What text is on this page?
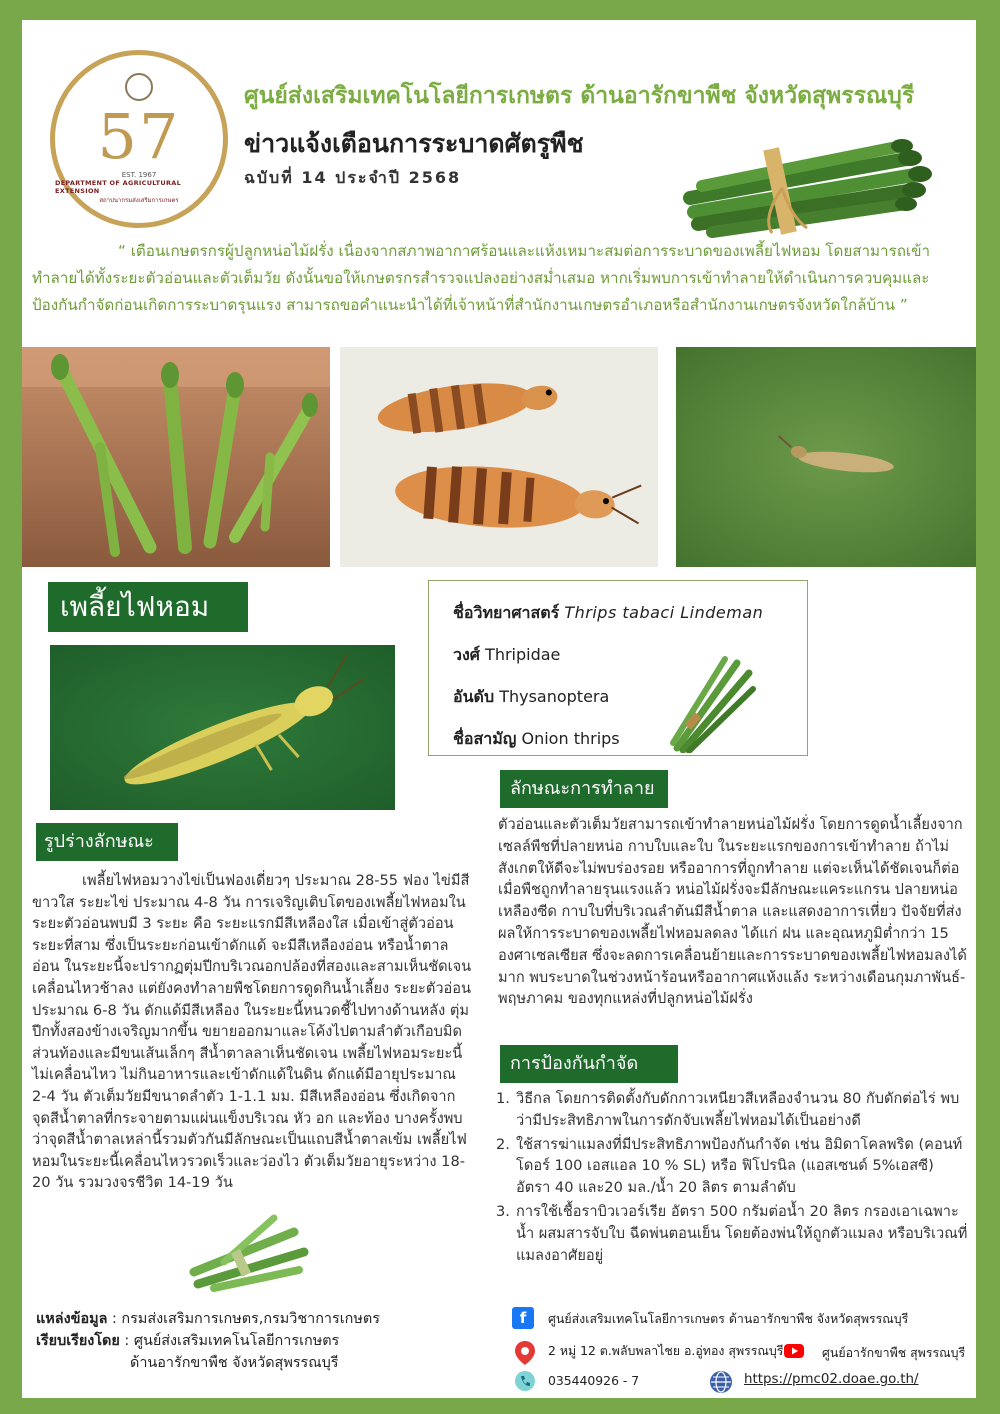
57
EST. 1967
DEPARTMENT OF AGRICULTURAL EXTENSION
สถาปนากรมส่งเสริมการเกษตร
ศูนย์ส่งเสริมเทคโนโลยีการเกษตร ด้านอารักขาพืช จังหวัดสุพรรณบุรี
ข่าวแจ้งเตือนการระบาดศัตรูพืช
ฉบับที่ 14 ประจำปี 2568
“ เตือนเกษตรกรผู้ปลูกหน่อไม้ฝรั่ง เนื่องจากสภาพอากาศร้อนและแห้งเหมาะสมต่อการระบาดของเพลี้ยไฟหอม โดยสามารถเข้าทำลายได้ทั้งระยะตัวอ่อนและตัวเต็มวัย ดังนั้นขอให้เกษตรกรสำรวจแปลงอย่างสม่ำเสมอ หากเริ่มพบการเข้าทำลายให้ดำเนินการควบคุมและป้องกันกำจัดก่อนเกิดการระบาดรุนแรง สามารถขอคำแนะนำได้ที่เจ้าหน้าที่สำนักงานเกษตรอำเภอหรือสำนักงานเกษตรจังหวัดใกล้บ้าน ”
เพลี้ยไฟหอม	ชื่อวิทยาศาสตร์ Thrips tabaci Lindeman
วงศ์ Thripidae
อันดับ Thysanoptera
ชื่อสามัญ Onion thrips
รูปร่างลักษณะ
เพลี้ยไฟหอมวางไข่เป็นฟองเดี่ยวๆ ประมาณ 28-55 ฟอง ไข่มีสีขาวใส ระยะไข่ ประมาณ 4-8 วัน การเจริญเติบโตของเพลี้ยไฟหอมในระยะตัวอ่อนพบมี 3 ระยะ คือ ระยะแรกมีสีเหลืองใส เมื่อเข้าสู่ตัวอ่อนระยะที่สาม ซึ่งเป็นระยะก่อนเข้าดักแด้ จะมีสีเหลืองอ่อน หรือน้ำตาลอ่อน ในระยะนี้จะปรากฏตุ่มปีกบริเวณอกปล้องที่สองและสามเห็นชัดเจน เคลื่อนไหวช้าลง แต่ยังคงทำลายพืชโดยการดูดกินน้ำเลี้ยง ระยะตัวอ่อนประมาณ 6-8 วัน ดักแด้มีสีเหลือง ในระยะนี้หนวดชี้ไปทางด้านหลัง ตุ่มปีกทั้งสองข้างเจริญมากขึ้น ขยายออกมาและโค้งไปตามลำตัวเกือบมิดส่วนท้องและมีขนเส้นเล็กๆ สีน้ำตาลลาเห็นชัดเจน เพลี้ยไฟหอมระยะนี้ไม่เคลื่อนไหว ไม่กินอาหารและเข้าดักแด้ในดิน ดักแด้มีอายุประมาณ 2-4 วัน ตัวเต็มวัยมีขนาดลำตัว 1-1.1 มม. มีสีเหลืองอ่อน ซึ่งเกิดจากจุดสีน้ำตาลที่กระจายตามแผ่นแข็งบริเวณ หัว อก และท้อง บางครั้งพบว่าจุดสีน้ำตาลเหล่านี้รวมตัวกันมีลักษณะเป็นแถบสีน้ำตาลเข้ม เพลี้ยไฟหอมในระยะนี้เคลื่อนไหวรวดเร็วและว่องไว ตัวเต็มวัยอายุระหว่าง 18-20 วัน รวมวงจรชีวิต 14-19 วัน
ลักษณะการทำลาย
ตัวอ่อนและตัวเต็มวัยสามารถเข้าทำลายหน่อไม้ฝรั่ง โดยการดูดน้ำเลี้ยงจากเซลล์พืชที่ปลายหน่อ กาบใบและใบ ในระยะแรกของการเข้าทำลาย ถ้าไม่สังเกตให้ดีจะไม่พบร่องรอย หรืออาการที่ถูกทำลาย แต่จะเห็นได้ชัดเจนก็ต่อเมื่อพืชถูกทำลายรุนแรงแล้ว หน่อไม้ฝรั่งจะมีลักษณะแคระแกรน ปลายหน่อเหลืองซีด กาบใบที่บริเวณลำต้นมีสีน้ำตาล และแสดงอาการเหี่ยว ปัจจัยที่ส่งผลให้การระบาดของเพลี้ยไฟหอมลดลง ได้แก่ ฝน และอุณหภูมิต่ำกว่า 15 องศาเซลเซียส ซึ่งจะลดการเคลื่อนย้ายและการระบาดของเพลี้ยไฟหอมลงได้มาก พบระบาดในช่วงหน้าร้อนหรืออากาศแห้งแล้ง ระหว่างเดือนกุมภาพันธ์-พฤษภาคม ของทุกแหล่งที่ปลูกหน่อไม้ฝรั่ง
การป้องกันกำจัด
1. วิธีกล โดยการติดตั้งกับดักกาวเหนียวสีเหลืองจำนวน 80 กับดักต่อไร่ พบว่ามีประสิทธิภาพในการดักจับเพลี้ยไฟหอมได้เป็นอย่างดี
2. ใช้สารฆ่าแมลงที่มีประสิทธิภาพป้องกันกำจัด เช่น อิมิดาโคลพริด (คอนท์โดอร์ 100 เอสแอล 10 % SL) หรือ ฟิโปรนิล (แอสเซนด์ 5%เอสซี) อัตรา 40 และ20 มล./น้ำ 20 ลิตร ตามลำดับ
3. การใช้เชื้อราบิวเวอร์เรีย อัตรา 500 กรัมต่อน้ำ 20 ลิตร กรองเอาเฉพาะน้ำ ผสมสารจับใบ ฉีดพ่นตอนเย็น โดยต้องพ่นให้ถูกตัวแมลง หรือบริเวณที่แมลงอาศัยอยู่
แหล่งข้อมูล : กรมส่งเสริมการเกษตร,กรมวิชาการเกษตร
เรียบเรียงโดย : ศูนย์ส่งเสริมเทคโนโลยีการเกษตร
ด้านอารักขาพืช จังหวัดสุพรรณบุรี
f	ศูนย์ส่งเสริมเทคโนโลยีการเกษตร ด้านอารักขาพืช จังหวัดสุพรรณบุรี
2 หมู่ 12 ต.พลับพลาไชย อ.อู่ทอง สุพรรณบุรี	ศูนย์อารักขาพืช สุพรรณบุรี
035440926 - 7	https://pmc02.doae.go.th/
